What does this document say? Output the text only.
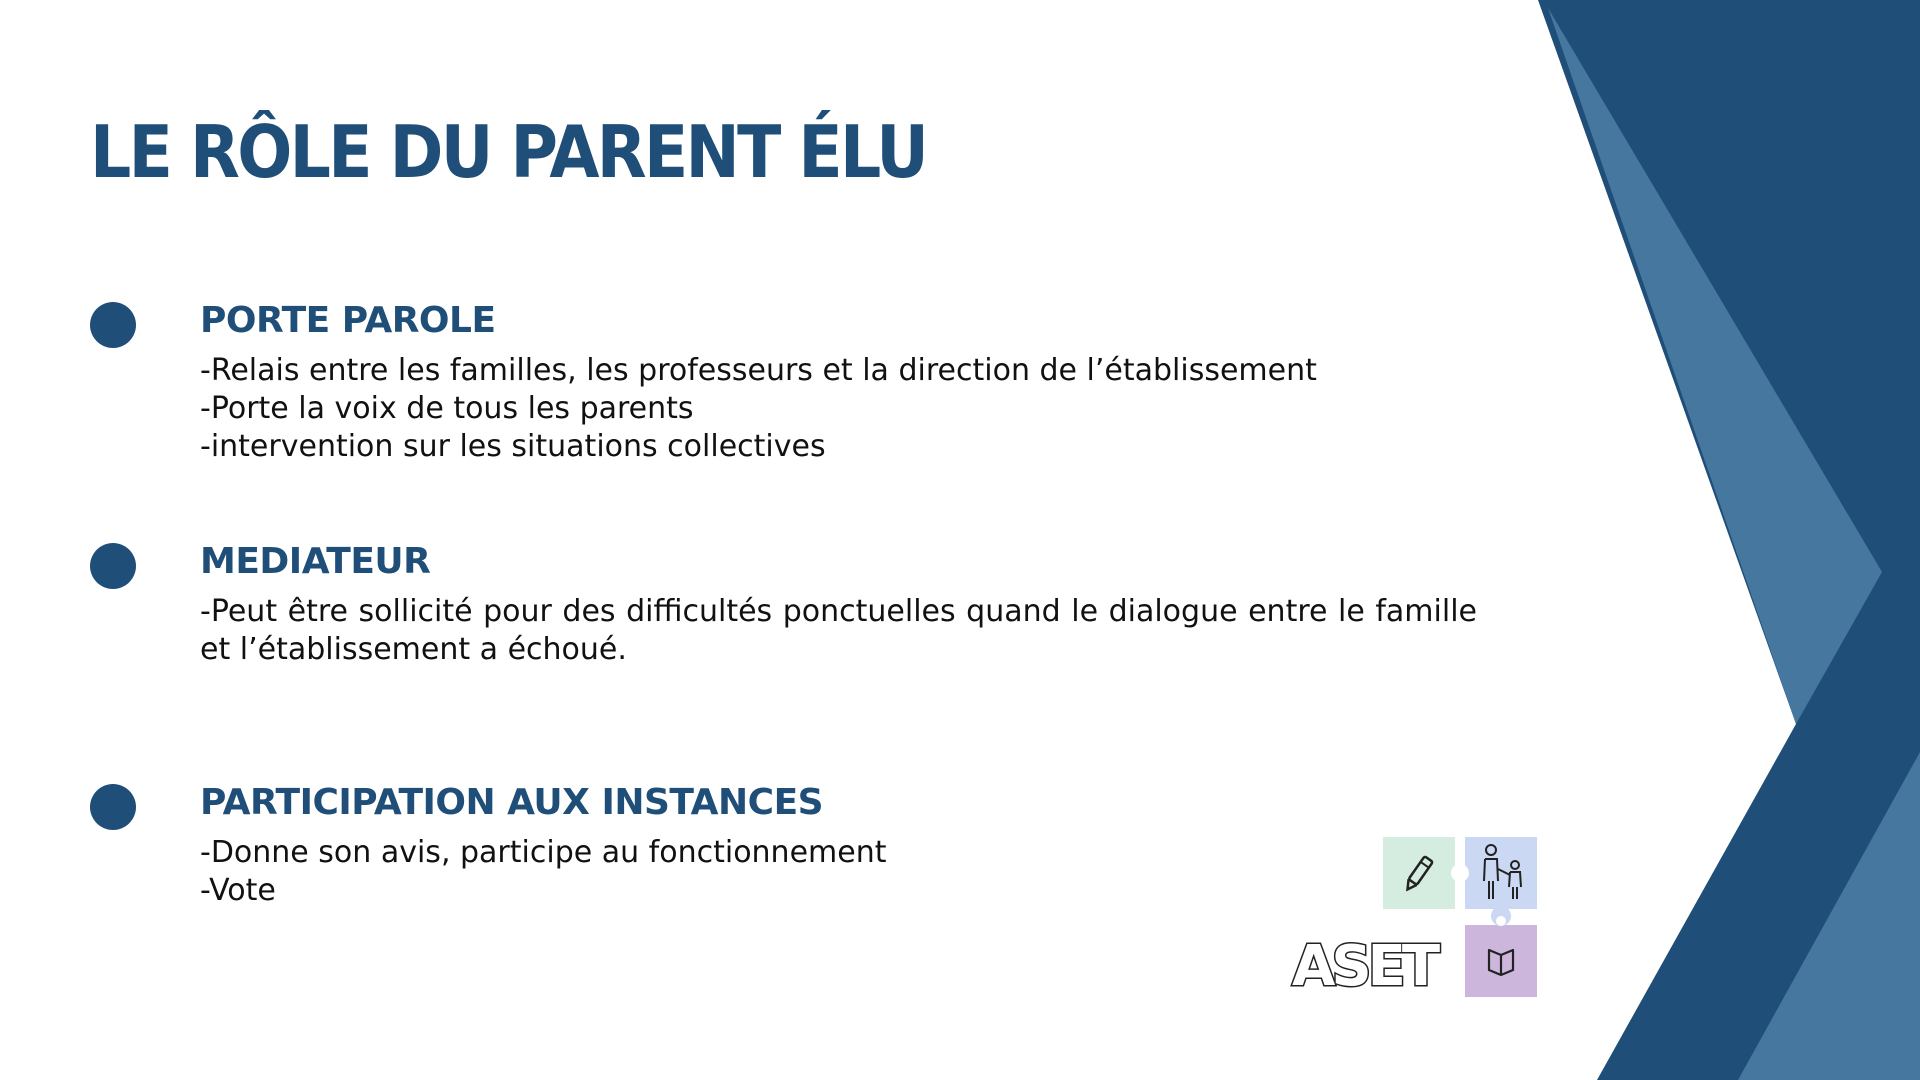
LE RÔLE DU PARENT ÉLU
PORTE PAROLE
-Relais entre les familles, les professeurs et la direction de l’établissement
-Porte la voix de tous les parents
-intervention sur les situations collectives
MEDIATEUR
-Peut être sollicité pour des difficultés ponctuelles quand le dialogue entre le famille et l’établissement a échoué.
PARTICIPATION AUX INSTANCES
-Donne son avis, participe au fonctionnement
-Vote
ASET
